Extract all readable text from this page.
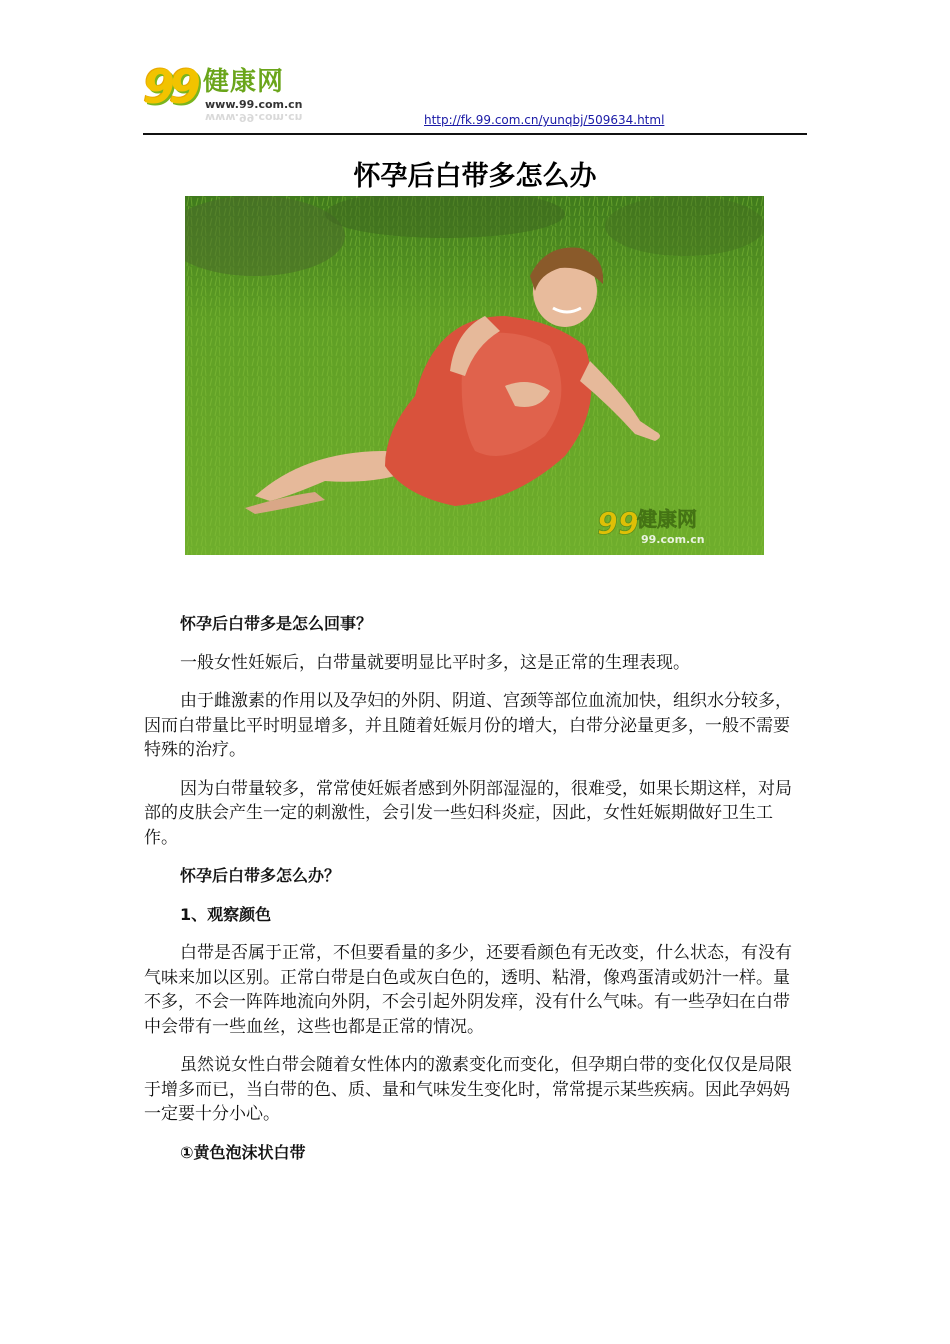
99 健康网
www.99.com.cn
www.99.com.cn	http://fk.99.com.cn/yunqbj/509634.html
怀孕后白带多怎么办
99
健康网
99.com.cn

怀孕后白带多是怎么回事？

一般女性妊娠后，白带量就要明显比平时多，这是正常的生理表现。

由于雌激素的作用以及孕妇的外阴、阴道、宫颈等部位血流加快，组织水分较多，因而白带量比平时明显增多，并且随着妊娠月份的增大，白带分泌量更多，一般不需要特殊的治疗。

因为白带量较多，常常使妊娠者感到外阴部湿湿的，很难受，如果长期这样，对局部的皮肤会产生一定的刺激性，会引发一些妇科炎症，因此，女性妊娠期做好卫生工作。

怀孕后白带多怎么办？

1、观察颜色

白带是否属于正常，不但要看量的多少，还要看颜色有无改变，什么状态，有没有气味来加以区别。正常白带是白色或灰白色的，透明、粘滑，像鸡蛋清或奶汁一样。量不多，不会一阵阵地流向外阴，不会引起外阴发痒，没有什么气味。有一些孕妇在白带中会带有一些血丝，这些也都是正常的情况。

虽然说女性白带会随着女性体内的激素变化而变化，但孕期白带的变化仅仅是局限于增多而已，当白带的色、质、量和气味发生变化时，常常提示某些疾病。因此孕妈妈一定要十分小心。

①黄色泡沫状白带
